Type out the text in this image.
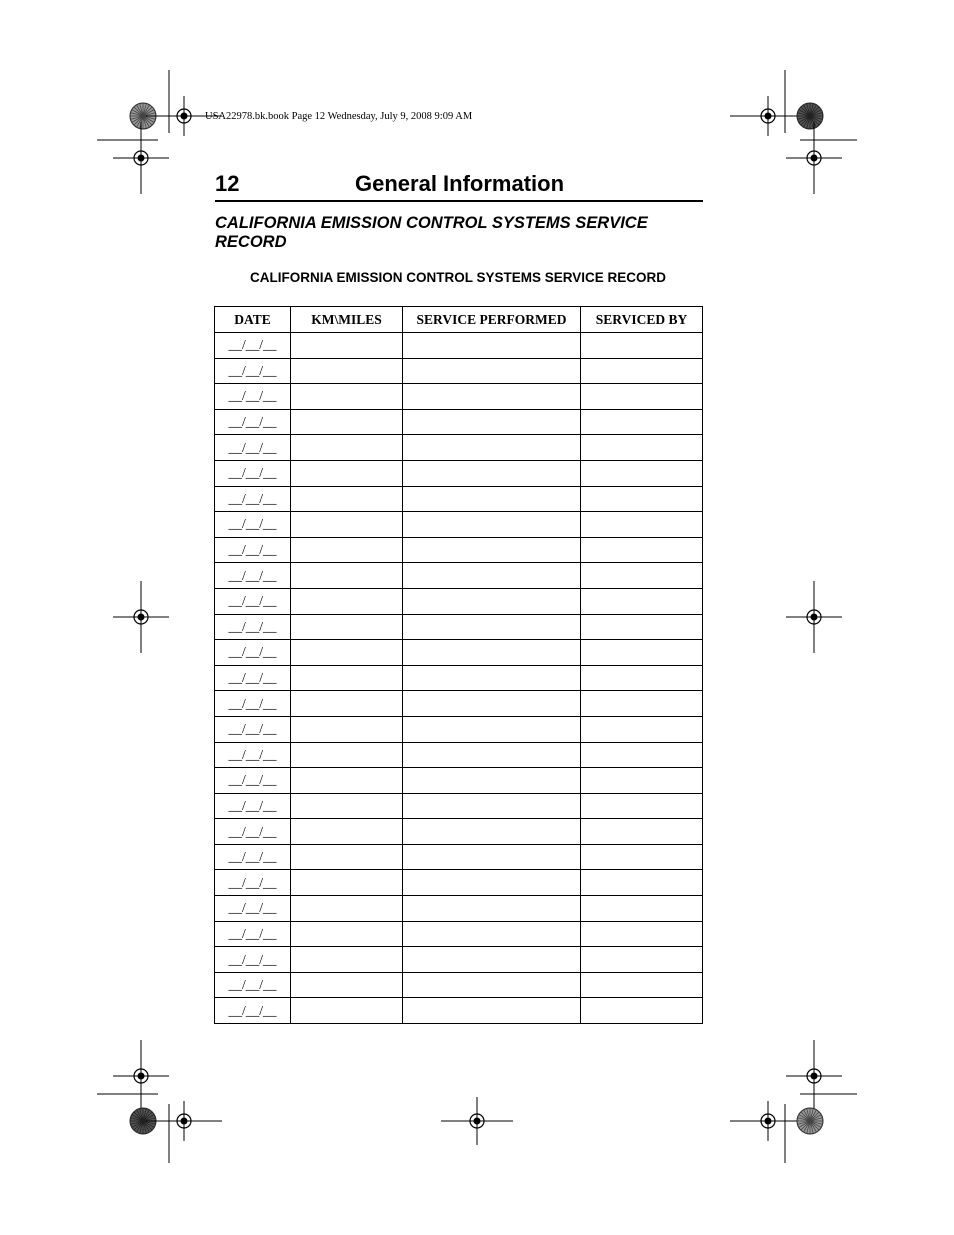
USA22978.bk.book Page 12 Wednesday, July 9, 2008 9:09 AM
12	General Information
CALIFORNIA EMISSION CONTROL SYSTEMS SERVICE RECORD
CALIFORNIA EMISSION CONTROL SYSTEMS SERVICE RECORD
DATE	KM\MILES	SERVICE PERFORMED	SERVICED BY
__/__/__			
__/__/__			
__/__/__			
__/__/__			
__/__/__			
__/__/__			
__/__/__			
__/__/__			
__/__/__			
__/__/__			
__/__/__			
__/__/__			
__/__/__			
__/__/__			
__/__/__			
__/__/__			
__/__/__			
__/__/__			
__/__/__			
__/__/__			
__/__/__			
__/__/__			
__/__/__			
__/__/__			
__/__/__			
__/__/__			
__/__/__			
